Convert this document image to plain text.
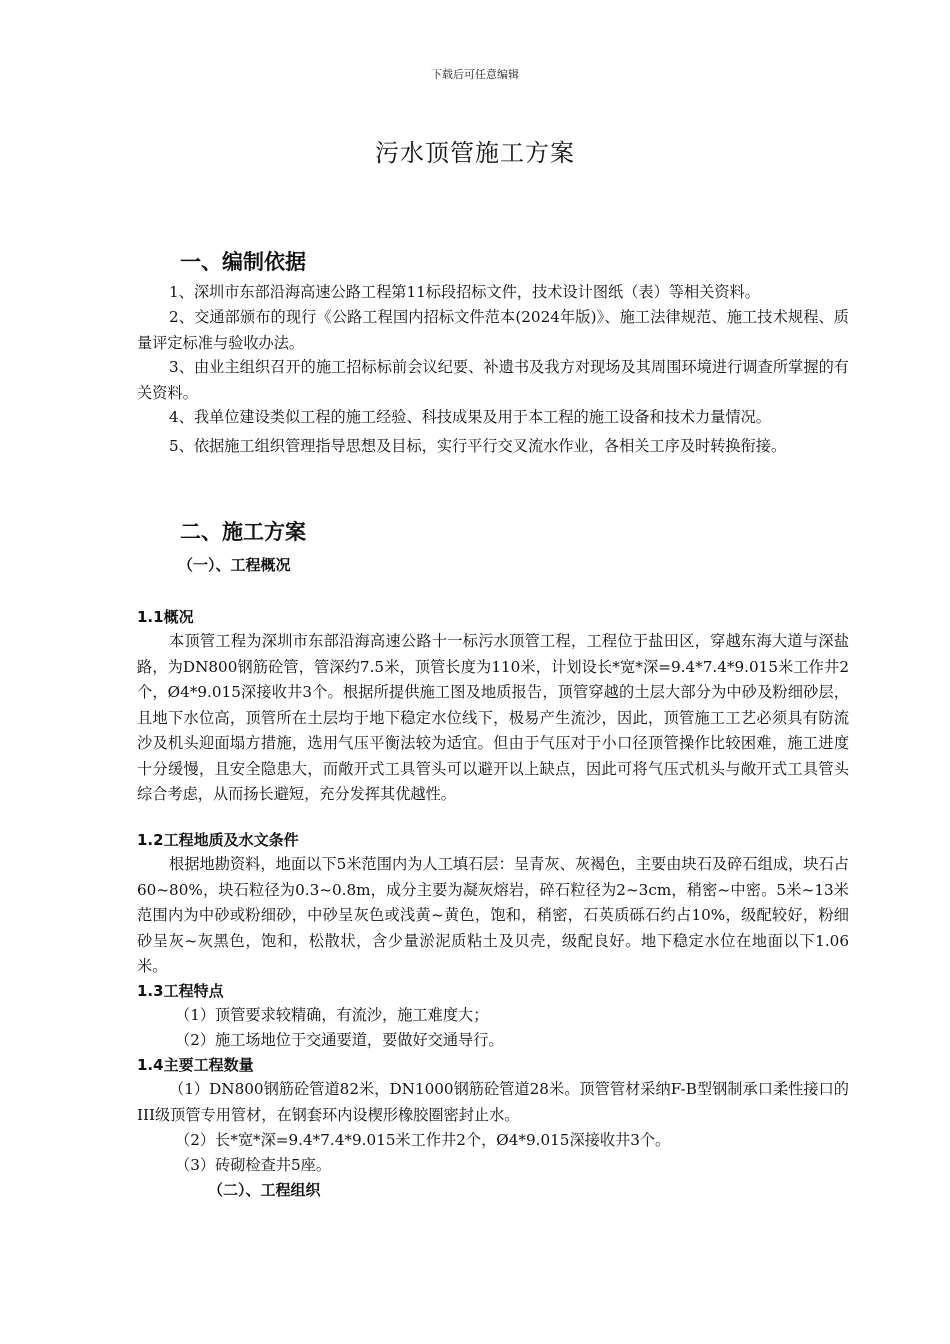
下载后可任意编辑
污水顶管施工方案
一、编制依据
1、深圳市东部沿海高速公路工程第11标段招标文件，技术设计图纸（表）等相关资料。
2、交通部颁布的现行《公路工程国内招标文件范本(2024年版)》、施工法律规范、施工技术规程、质量评定标准与验收办法。
3、由业主组织召开的施工招标标前会议纪要、补遗书及我方对现场及其周围环境进行调查所掌握的有关资料。
4、我单位建设类似工程的施工经验、科技成果及用于本工程的施工设备和技术力量情况。
5、依据施工组织管理指导思想及目标，实行平行交叉流水作业，各相关工序及时转换衔接。
二、施工方案
（一）、工程概况
1.1概况
本顶管工程为深圳市东部沿海高速公路十一标污水顶管工程，工程位于盐田区，穿越东海大道与深盐路，为DN800钢筋砼管，管深约7.5米，顶管长度为110米，计划设长*宽*深=9.4*7.4*9.015米工作井2个，Ø4*9.015深接收井3个。根据所提供施工图及地质报告，顶管穿越的土层大部分为中砂及粉细砂层，且地下水位高，顶管所在土层均于地下稳定水位线下，极易产生流沙，因此，顶管施工工艺必须具有防流沙及机头迎面塌方措施，选用气压平衡法较为适宜。但由于气压对于小口径顶管操作比较困难，施工进度十分缓慢，且安全隐患大，而敞开式工具管头可以避开以上缺点，因此可将气压式机头与敞开式工具管头综合考虑，从而扬长避短，充分发挥其优越性。
1.2工程地质及水文条件
根据地勘资料，地面以下5米范围内为人工填石层：呈青灰、灰褐色，主要由块石及碎石组成，块石占60~80%，块石粒径为0.3~0.8m，成分主要为凝灰熔岩，碎石粒径为2~3cm，稍密~中密。5米~13米范围内为中砂或粉细砂，中砂呈灰色或浅黄~黄色，饱和，稍密，石英质砾石约占10%，级配较好，粉细砂呈灰~灰黑色，饱和，松散状，含少量淤泥质粘土及贝壳，级配良好。地下稳定水位在地面以下1.06米。
1.3工程特点
（1）顶管要求较精确，有流沙，施工难度大；
（2）施工场地位于交通要道，要做好交通导行。
1.4主要工程数量
（1）DN800钢筋砼管道82米，DN1000钢筋砼管道28米。顶管管材采纳F-B型钢制承口柔性接口的III级顶管专用管材，在钢套环内设楔形橡胶圈密封止水。
（2）长*宽*深=9.4*7.4*9.015米工作井2个，Ø4*9.015深接收井3个。
（3）砖砌检查井5座。
（二）、工程组织
